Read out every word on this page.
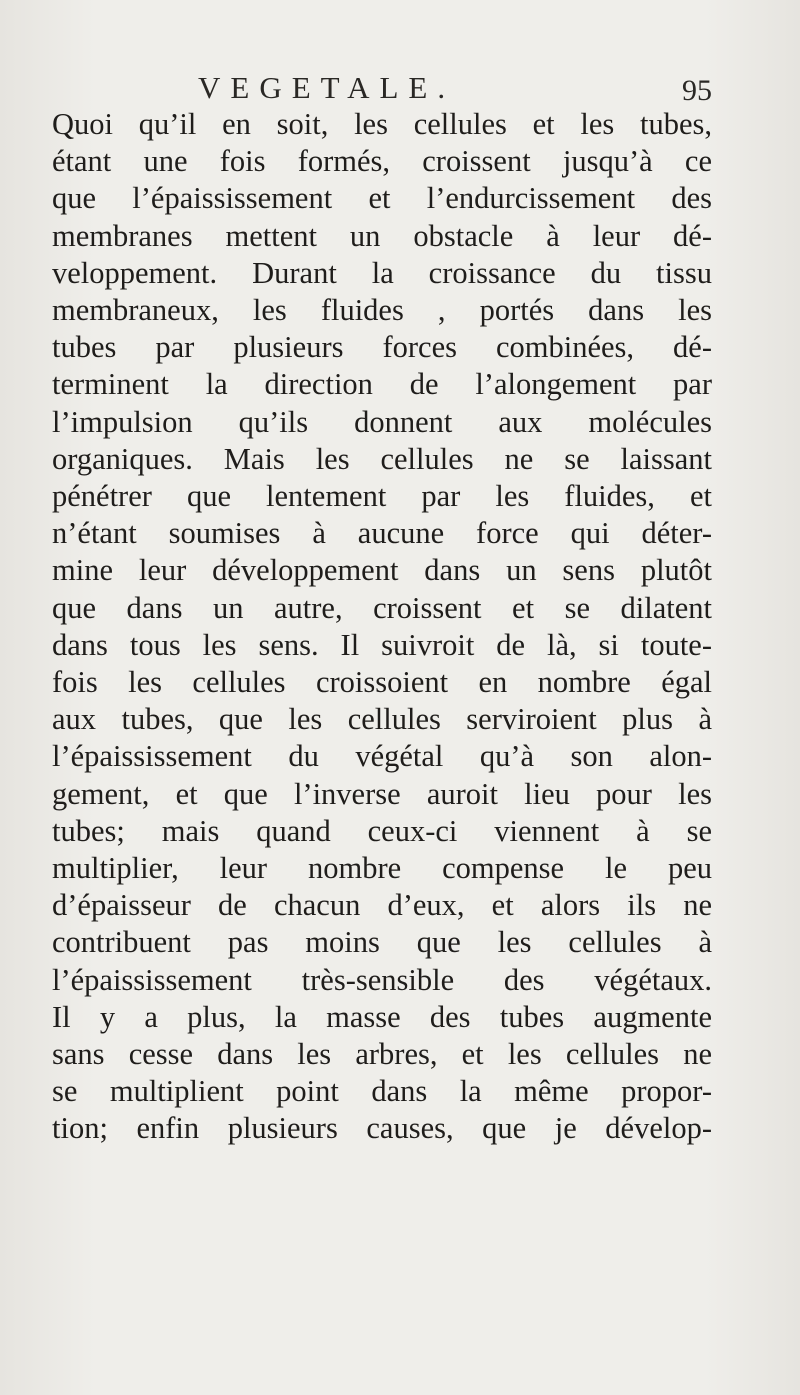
VEGETALE.	95
Quoi qu’il en soit, les cellules et les tubes,
étant une fois formés, croissent jusqu’à ce
que l’épaississement et l’endurcissement des
membranes mettent un obstacle à leur dé-
veloppement. Durant la croissance du tissu
membraneux, les fluides , portés dans les
tubes par plusieurs forces combinées, dé-
terminent la direction de l’alongement par
l’impulsion qu’ils donnent aux molécules
organiques. Mais les cellules ne se laissant
pénétrer que lentement par les fluides, et
n’étant soumises à aucune force qui déter-
mine leur développement dans un sens plutôt
que dans un autre, croissent et se dilatent
dans tous les sens. Il suivroit de là, si toute-
fois les cellules croissoient en nombre égal
aux tubes, que les cellules serviroient plus à
l’épaississement du végétal qu’à son alon-
gement, et que l’inverse auroit lieu pour les
tubes; mais quand ceux-ci viennent à se
multiplier, leur nombre compense le peu
d’épaisseur de chacun d’eux, et alors ils ne
contribuent pas moins que les cellules à
l’épaississement très-sensible des végétaux.
Il y a plus, la masse des tubes augmente
sans cesse dans les arbres, et les cellules ne
se multiplient point dans la même propor-
tion; enfin plusieurs causes, que je dévelop-
